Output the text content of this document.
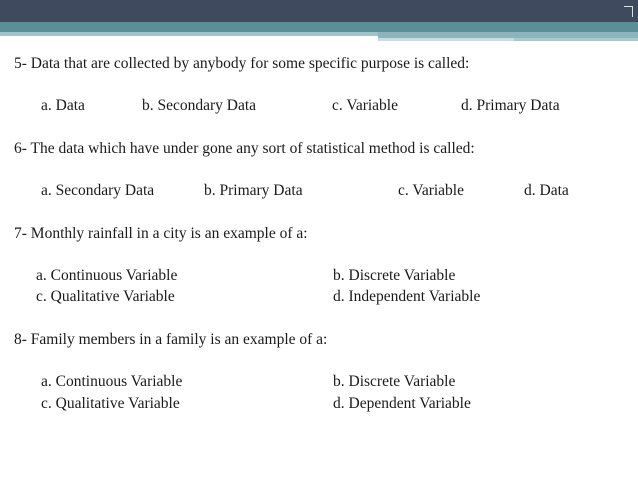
5- Data that are collected by anybody for some specific purpose is called:
a. Data	b. Secondary Data	c. Variable	d. Primary Data
6- The data which have under gone any sort of statistical method is called:
a. Secondary Data	b. Primary Data	c. Variable	d. Data
7- Monthly rainfall in a city is an example of a:
a. Continuous Variable	b. Discrete Variable
c. Qualitative Variable	d. Independent Variable
8- Family members in a family is an example of a:
a. Continuous Variable	b. Discrete Variable
c. Qualitative Variable	d. Dependent Variable
